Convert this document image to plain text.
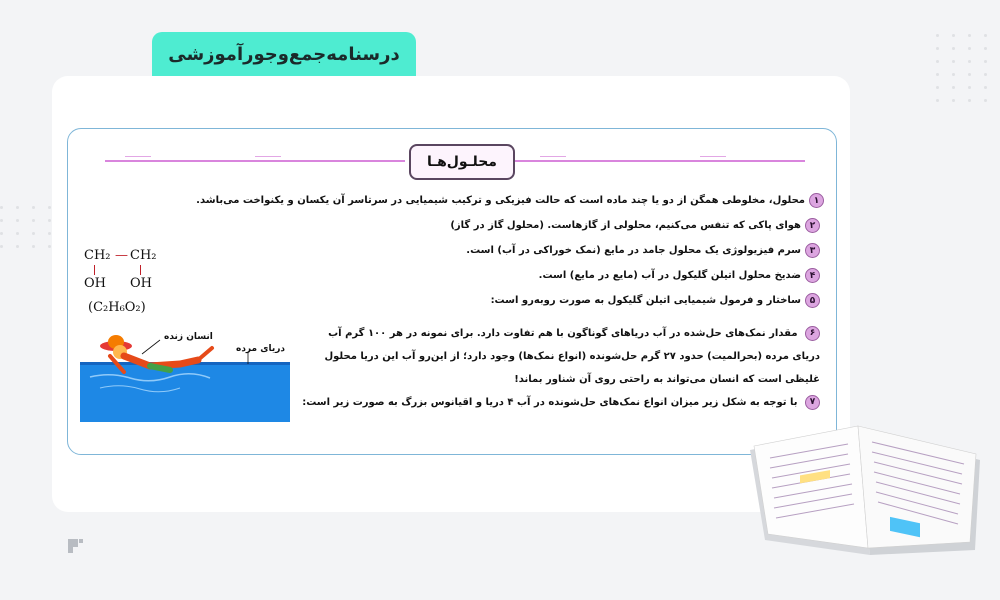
درسنامه‌جمع‌وجورآموزشی
محلـول‌هـا
۱
محلول، مخلوطی همگن از دو یا چند ماده است که حالت فیزیکی و ترکیب شیمیایی در سرتاسر آن یکسان و یکنواخت می‌باشد.
۲
هوای پاکی که تنفس می‌کنیم، محلولی از گازهاست. (محلول گاز در گاز)
۳
سرم فیزیولوژی یک محلول جامد در مایع (نمک خوراکی در آب) است.
۴
ضدیخ محلول اتیلن گلیکول در آب (مایع در مایع) است.
۵
ساختار و فرمول شیمیایی اتیلن گلیکول به صورت روبه‌رو است:
۶ مقدار نمک‌های حل‌شده در آب دریاهای گوناگون با هم تفاوت دارد. برای نمونه در هر ۱۰۰ گرم آب دریای مرده (بحرالمیت) حدود ۲۷ گرم حل‌شونده (انواع نمک‌ها) وجود دارد؛ از این‌رو آب این دریا محلول غلیظی است که انسان می‌تواند به راحتی روی آن شناور بماند!
۷ با توجه به شکل زیر میزان انواع نمک‌های حل‌شونده در آب ۴ دریا و اقیانوس بزرگ به صورت زیر است:
CH₂ — CH₂
OH OH
(C₂H₆O₂)
انسان زنده
دریای مرده
